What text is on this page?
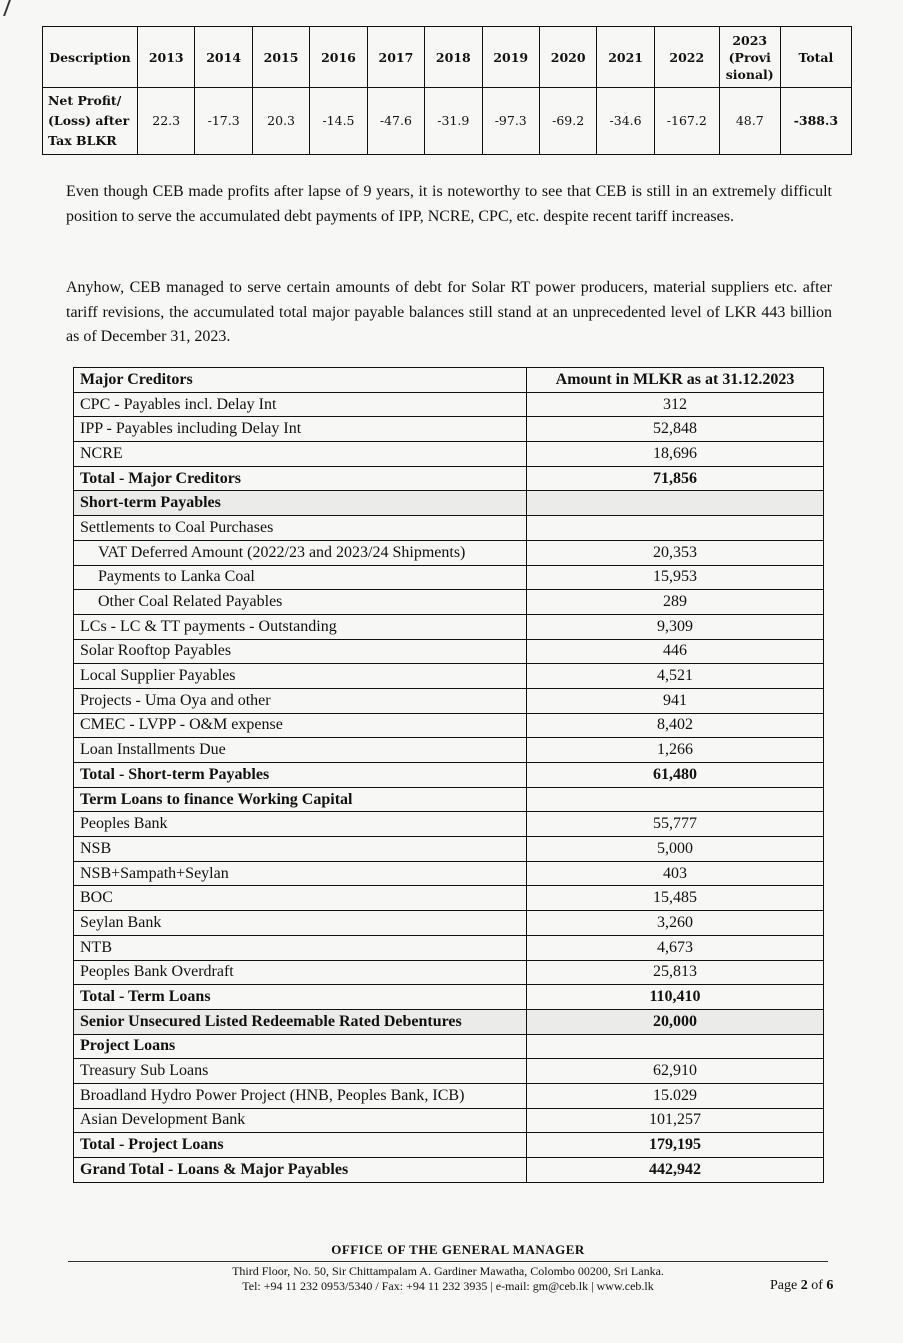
Description	2013	2014	2015	2016	2017	2018	2019	2020	2021	2022	2023 (Provi sional)	Total
Net Profit/ (Loss) after Tax BLKR	22.3	-17.3	20.3	-14.5	-47.6	-31.9	-97.3	-69.2	-34.6	-167.2	48.7	-388.3

Even though CEB made profits after lapse of 9 years, it is noteworthy to see that CEB is still in an extremely difficult position to serve the accumulated debt payments of IPP, NCRE, CPC, etc. despite recent tariff increases.

Anyhow, CEB managed to serve certain amounts of debt for Solar RT power producers, material suppliers etc. after tariff revisions, the accumulated total major payable balances still stand at an unprecedented level of LKR 443 billion as of December 31, 2023.

Major Creditors	Amount in MLKR as at 31.12.2023
CPC - Payables incl. Delay Int	312
IPP - Payables including Delay Int	52,848
NCRE	18,696
Total - Major Creditors	71,856
Short-term Payables	
Settlements to Coal Purchases	
VAT Deferred Amount (2022/23 and 2023/24 Shipments)	20,353
Payments to Lanka Coal	15,953
Other Coal Related Payables	289
LCs - LC & TT payments - Outstanding	9,309
Solar Rooftop Payables	446
Local Supplier Payables	4,521
Projects - Uma Oya and other	941
CMEC - LVPP - O&M expense	8,402
Loan Installments Due	1,266
Total - Short-term Payables	61,480
Term Loans to finance Working Capital	
Peoples Bank	55,777
NSB	5,000
NSB+Sampath+Seylan	403
BOC	15,485
Seylan Bank	3,260
NTB	4,673
Peoples Bank Overdraft	25,813
Total - Term Loans	110,410
Senior Unsecured Listed Redeemable Rated Debentures	20,000
Project Loans	
Treasury Sub Loans	62,910
Broadland Hydro Power Project (HNB, Peoples Bank, ICB)	15.029
Asian Development Bank	101,257
Total - Project Loans	179,195
Grand Total - Loans & Major Payables	442,942
OFFICE OF THE GENERAL MANAGER
Third Floor, No. 50, Sir Chittampalam A. Gardiner Mawatha, Colombo 00200, Sri Lanka.
Tel: +94 11 232 0953/5340 / Fax: +94 11 232 3935 | e-mail: gm@ceb.lk | www.ceb.lk	Page 2 of 6
